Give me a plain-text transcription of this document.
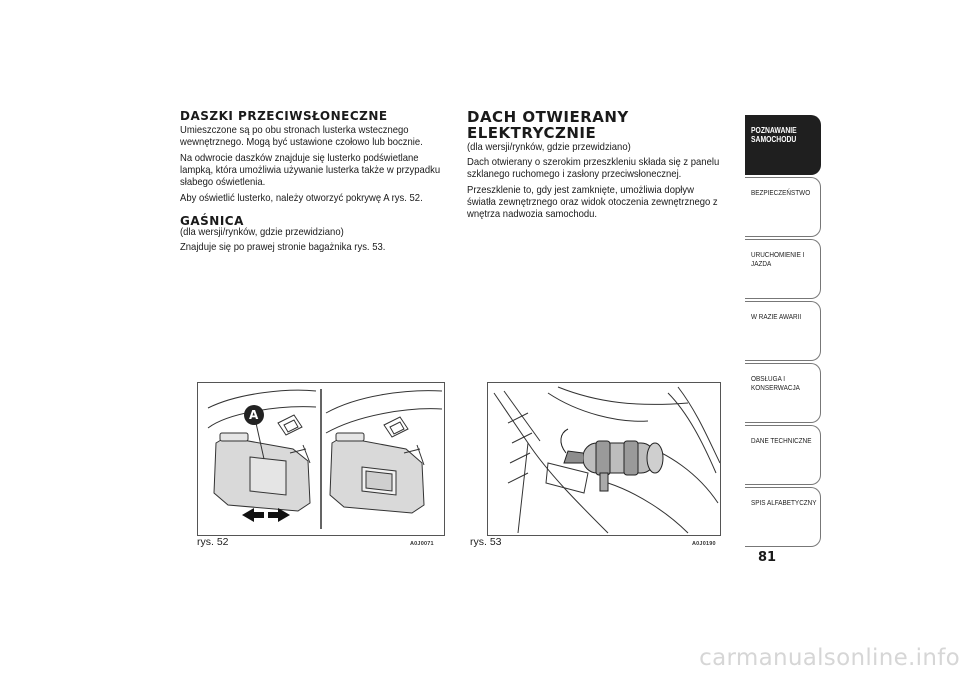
DASZKI PRZECIWSŁONECZNE

Umieszczone są po obu stronach lusterka wstecznego wewnętrznego. Mogą być ustawione czołowo lub bocznie.

Na odwrocie daszków znajduje się lusterko podświetlane lampką, która umożliwia używanie lusterka także w przypadku słabego oświetlenia.

Aby oświetlić lusterko, należy otworzyć pokrywę A rys. 52.

GAŚNICA

(dla wersji/rynków, gdzie przewidziano)

Znajduje się po prawej stronie bagażnika rys. 53.

DACH OTWIERANY
ELEKTRYCZNIE

(dla wersji/rynków, gdzie przewidziano)

Dach otwierany o szerokim przeszkleniu składa się z panelu szklanego ruchomego i zasłony przeciwsłonecznej.

Przeszklenie to, gdy jest zamknięte, umożliwia dopływ światła zewnętrznego oraz widok otoczenia zewnętrznego z wnętrza nadwozia samochodu.

A
rys. 52	A0J0071	rys. 53	A0J0190
POZNAWANIE SAMOCHODU
BEZPIECZEŃSTWO
URUCHOMIENIE I JAZDA
W RAZIE AWARII
OBSŁUGA I KONSERWACJA
DANE TECHNICZNE
SPIS ALFABETYCZNY
81
carmanualsonline.info
